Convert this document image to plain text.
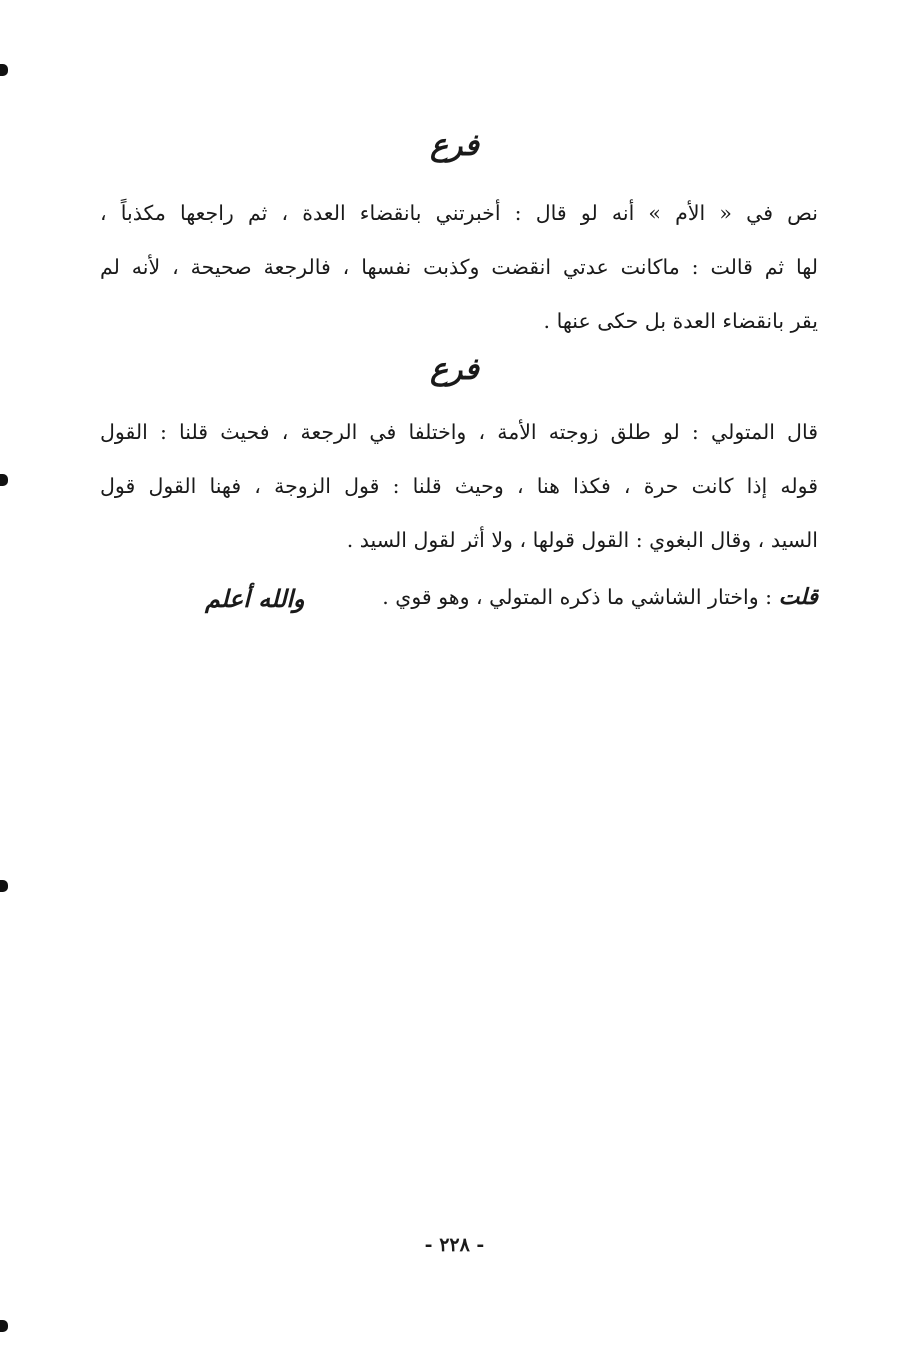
فرع
نص في « الأم » أنه لو قال : أخبرتني بانقضاء العدة ، ثم راجعها مكذباً ،
لها ثم قالت : ماكانت عدتي انقضت وكذبت نفسها ، فالرجعة صحيحة ، لأنه لم
يقر بانقضاء العدة بل حكى عنها .
فرع
قال المتولي : لو طلق زوجته الأمة ، واختلفا في الرجعة ، فحيث قلنا : القول
قوله إذا كانت حرة ، فكذا هنا ، وحيث قلنا : قول الزوجة ، فهنا القول قول
السيد ، وقال البغوي : القول قولها ، ولا أثر لقول السيد .
قلت : واختار الشاشي ما ذكره المتولي ، وهو قوي .
والله أعلم
- ٢٢٨ -
